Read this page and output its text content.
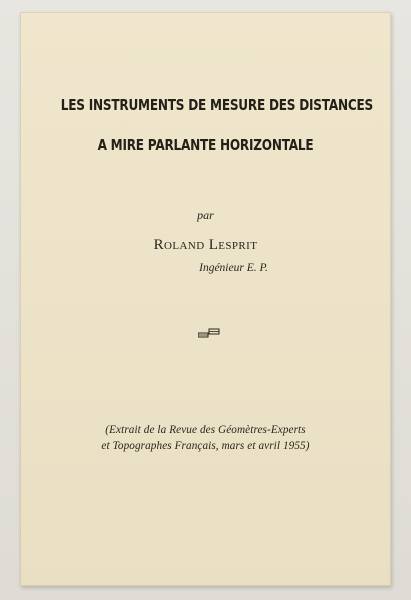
LES INSTRUMENTS DE MESURE DES DISTANCES
A MIRE PARLANTE HORIZONTALE
par
Roland Lesprit
Ingénieur E. P.
(Extrait de la Revue des Géomètres-Experts
et Topographes Français, mars et avril 1955)
